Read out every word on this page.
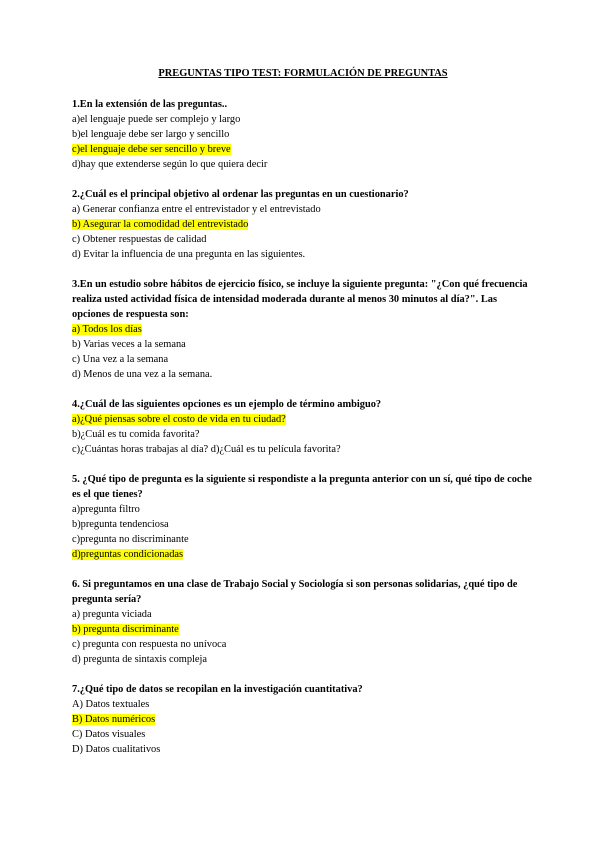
PREGUNTAS TIPO TEST: FORMULACIÓN DE PREGUNTAS
1.En la extensión de las preguntas..
a)el lenguaje puede ser complejo y largo
b)el lenguaje debe ser largo y sencillo
c)el lenguaje debe ser sencillo y breve
d)hay que extenderse según lo que quiera decir
2.¿Cuál es el principal objetivo al ordenar las preguntas en un cuestionario?
a) Generar confianza entre el entrevistador y el entrevistado
b) Asegurar la comodidad del entrevistado
c) Obtener respuestas de calidad
d) Evitar la influencia de una pregunta en las siguientes.
3.En un estudio sobre hábitos de ejercicio físico, se incluye la siguiente pregunta: "¿Con qué frecuencia realiza usted actividad física de intensidad moderada durante al menos 30 minutos al día?". Las opciones de respuesta son:
a) Todos los días
b) Varias veces a la semana
c) Una vez a la semana
d) Menos de una vez a la semana.
4.¿Cuál de las siguientes opciones es un ejemplo de término ambiguo?
a)¿Qué piensas sobre el costo de vida en tu ciudad?
b)¿Cuál es tu comida favorita?
c)¿Cuántas horas trabajas al día? d)¿Cuál es tu película favorita?
5. ¿Qué tipo de pregunta es la siguiente si respondiste a la pregunta anterior con un sí, qué tipo de coche es el que tienes?
a)pregunta filtro
b)pregunta tendenciosa
c)pregunta no discriminante
d)preguntas condicionadas
6. Si preguntamos en una clase de Trabajo Social y Sociología si son personas solidarias, ¿qué tipo de pregunta sería?
a) pregunta viciada
b) pregunta discriminante
c) pregunta con respuesta no unívoca
d) pregunta de sintaxis compleja
7.¿Qué tipo de datos se recopilan en la investigación cuantitativa?
A) Datos textuales
B) Datos numéricos
C) Datos visuales
D) Datos cualitativos
